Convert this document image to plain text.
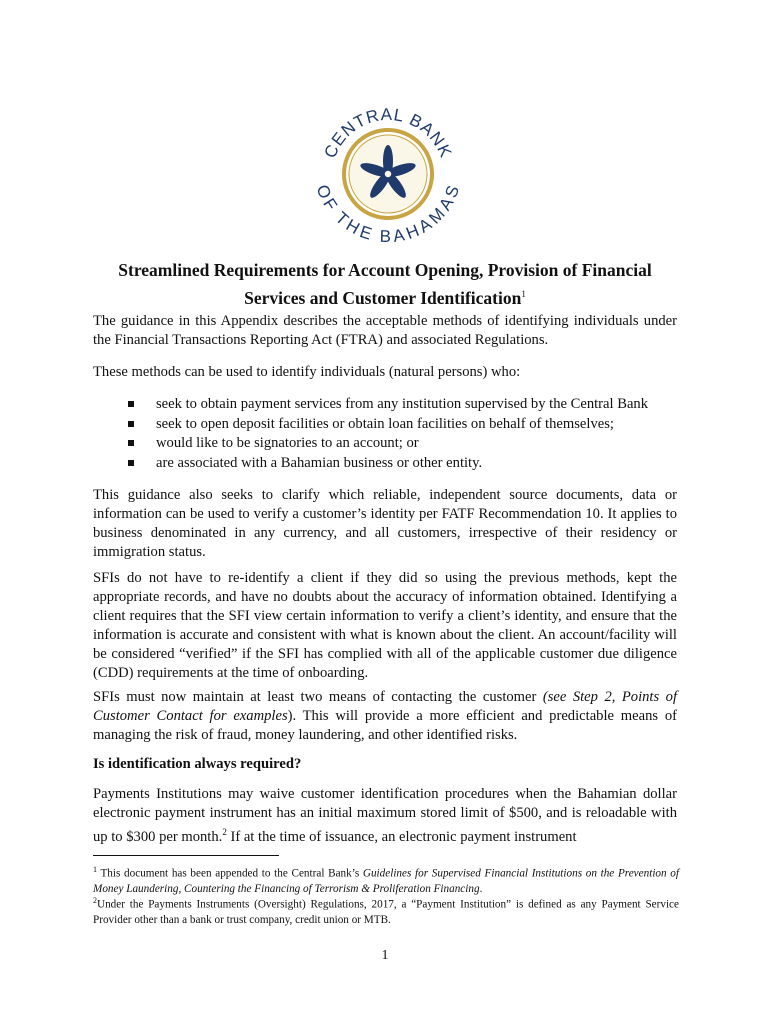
CENTRAL BANK
OF THE BAHAMAS

Streamlined Requirements for Account Opening, Provision of Financial
Services and Customer Identification$^1$

The guidance in this Appendix describes the acceptable methods of identifying individuals under the Financial Transactions Reporting Act (FTRA) and associated Regulations.

These methods can be used to identify individuals (natural persons) who:

seek to obtain payment services from any institution supervised by the Central Bank
seek to open deposit facilities or obtain loan facilities on behalf of themselves;
would like to be signatories to an account; or
are associated with a Bahamian business or other entity.

This guidance also seeks to clarify which reliable, independent source documents, data or information can be used to verify a customer’s identity per FATF Recommendation 10. It applies to business denominated in any currency, and all customers, irrespective of their residency or immigration status.

SFIs do not have to re-identify a client if they did so using the previous methods, kept the appropriate records, and have no doubts about the accuracy of information obtained. Identifying a client requires that the SFI view certain information to verify a client’s identity, and ensure that the information is accurate and consistent with what is known about the client. An account/facility will be considered “verified” if the SFI has complied with all of the applicable customer due diligence (CDD) requirements at the time of onboarding.

SFIs must now maintain at least two means of contacting the customer (see Step 2, Points of Customer Contact for examples). This will provide a more efficient and predictable means of managing the risk of fraud, money laundering, and other identified risks.

Is identification always required?

Payments Institutions may waive customer identification procedures when the Bahamian dollar electronic payment instrument has an initial maximum stored limit of $500, and is reloadable with up to $300 per month.$^2$ If at the time of issuance, an electronic payment instrument

$^1$ This document has been appended to the Central Bank’s Guidelines for Supervised Financial Institutions on the Prevention of Money Laundering, Countering the Financing of Terrorism & Proliferation Financing.

$^2$Under the Payments Instruments (Oversight) Regulations, 2017, a “Payment Institution” is defined as any Payment Service Provider other than a bank or trust company, credit union or MTB.

1
